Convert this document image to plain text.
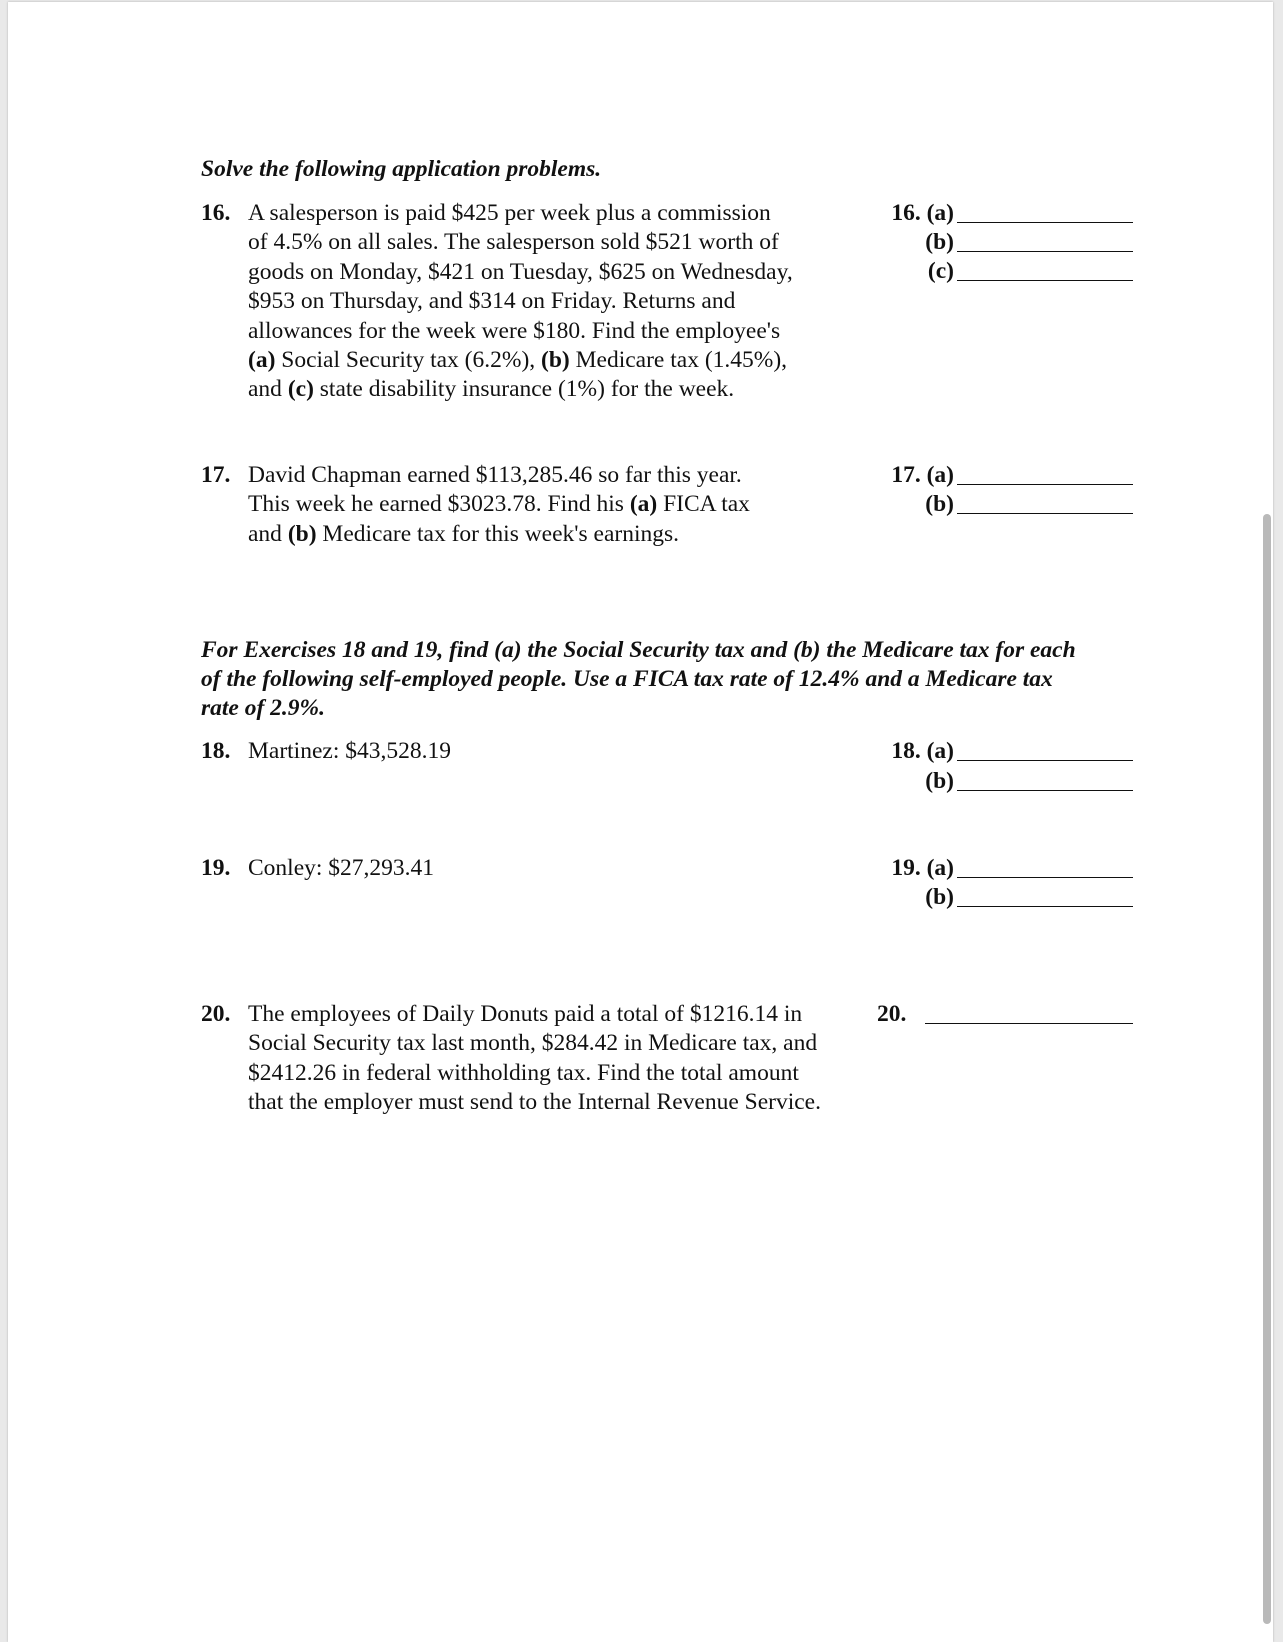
Solve the following application problems.
16. A salesperson is paid $425 per week plus a commission
of 4.5% on all sales. The salesperson sold $521 worth of
goods on Monday, $421 on Tuesday, $625 on Wednesday,
$953 on Thursday, and $314 on Friday. Returns and
allowances for the week were $180. Find the employee's
(a) Social Security tax (6.2%), (b) Medicare tax (1.45%),
and (c) state disability insurance (1%) for the week.
16. (a)
(b)
(c)
17. David Chapman earned $113,285.46 so far this year.
This week he earned $3023.78. Find his (a) FICA tax
and (b) Medicare tax for this week's earnings.
17. (a)
(b)
For Exercises 18 and 19, find (a) the Social Security tax and (b) the Medicare tax for each
of the following self-employed people. Use a FICA tax rate of 12.4% and a Medicare tax
rate of 2.9%.
18. Martinez: $43,528.19	18. (a)
(b)
19. Conley: $27,293.41	19. (a)
(b)
20. The employees of Daily Donuts paid a total of $1216.14 in
Social Security tax last month, $284.42 in Medicare tax, and
$2412.26 in federal withholding tax. Find the total amount
that the employer must send to the Internal Revenue Service.
20.
